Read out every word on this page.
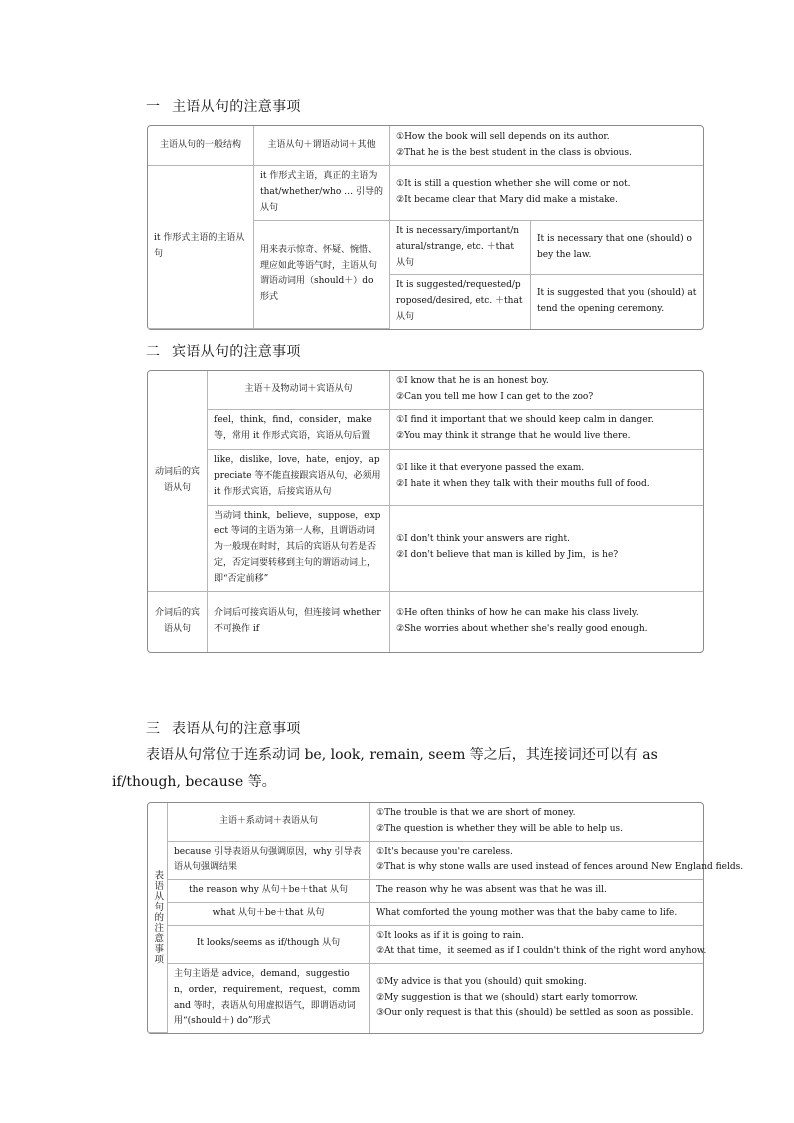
一 主语从句的注意事项
主语从句的一般结构	主语从句＋谓语动词＋其他	①How the book will sell depends on its author.
②That he is the best student in the class is obvious.	

it 作形式主语的主语从句	it 作形式主语，真正的主语为 that/whether/who … 引导的从句	①It is still a question whether she will come or not.
②It became clear that Mary did make a mistake.	

	用来表示惊奇、怀疑、惋惜、理应如此等语气时，主语从句谓语动词用（should＋）do 形式	It is necessary/important/natural/strange, etc. ＋that 从句	It is necessary that one (should) obey the law.
		It is suggested/requested/proposed/desired, etc. ＋that 从句	It is suggested that you (should) attend the opening ceremony.
二 宾语从句的注意事项
动词后的宾语从句	主语＋及物动词＋宾语从句	①I know that he is an honest boy.
②Can you tell me how I can get to the zoo?

	feel，think，find，consider，make 等，常用 it 作形式宾语，宾语从句后置	①I find it important that we should keep calm in danger.
②You may think it strange that he would live there.

	like，dislike，love，hate，enjoy，appreciate 等不能直接跟宾语从句，必须用 it 作形式宾语，后接宾语从句	①I like it that everyone passed the exam.
②I hate it when they talk with their mouths full of food.

	当动词 think，believe，suppose，expect 等词的主语为第一人称，且谓语动词为一般现在时时，其后的宾语从句若是否定，否定词要转移到主句的谓语动词上，即“否定前移”	①I don't think your answers are right.
②I don't believe that man is killed by Jim，is he?

介词后的宾语从句	介词后可接宾语从句，但连接词 whether 不可换作 if	①He often thinks of how he can make his class lively.
②She worries about whether she's really good enough.
三 表语从句的注意事项
表语从句常位于连系动词 be, look, remain, seem 等之后，其连接词还可以有 as
if/though, because 等。
表语从句的注意事项	主语＋系动词＋表语从句	①The trouble is that we are short of money.
②The question is whether they will be able to help us.

	because 引导表语从句强调原因，why 引导表语从句强调结果	①It's because you're careless.
②That is why stone walls are used instead of fences around New England fields.

	the reason why 从句＋be＋that 从句	The reason why he was absent was that he was ill.

	what 从句＋be＋that 从句	What comforted the young mother was that the baby came to life.

	It looks/seems as if/though 从句	①It looks as if it is going to rain.
②At that time，it seemed as if I couldn't think of the right word anyhow.

	主句主语是 advice，demand，suggestion，order，requirement，request，command 等时，表语从句用虚拟语气，即谓语动词用“(should＋) do”形式	①My advice is that you (should) quit smoking.
②My suggestion is that we (should) start early tomorrow.
③Our only request is that this (should) be settled as soon as possible.
